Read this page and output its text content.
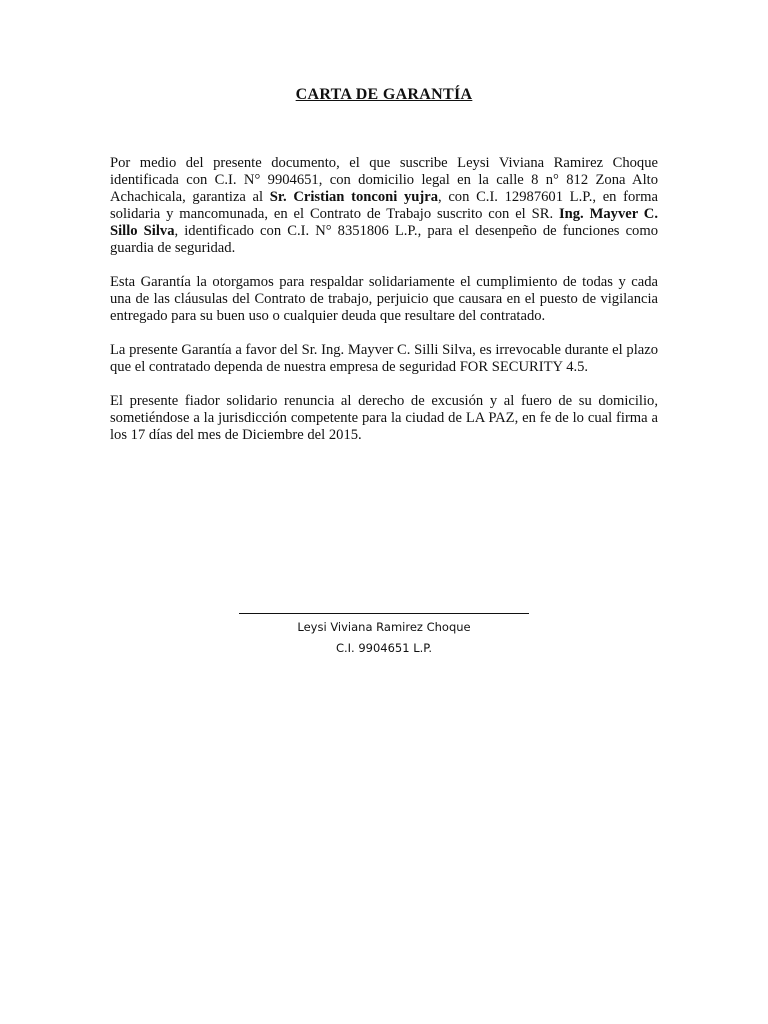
CARTA DE GARANTÍA

Por medio del presente documento, el que suscribe Leysi Viviana Ramirez Choque identificada con C.I. N° 9904651, con domicilio legal en la calle 8 n° 812 Zona Alto Achachicala, garantiza al Sr. Cristian tonconi yujra, con C.I. 12987601 L.P., en forma solidaria y mancomunada, en el Contrato de Trabajo suscrito con el SR. Ing. Mayver C. Sillo Silva, identificado con C.I. N° 8351806 L.P., para el desenpeño de funciones como guardia de seguridad.

Esta Garantía la otorgamos para respaldar solidariamente el cumplimiento de todas y cada una de las cláusulas del Contrato de trabajo, perjuicio que causara en el puesto de vigilancia entregado para su buen uso o cualquier deuda que resultare del contratado.

La presente Garantía a favor del Sr. Ing. Mayver C. Silli Silva, es irrevocable durante el plazo que el contratado dependa de nuestra empresa de seguridad FOR SECURITY 4.5.

El presente fiador solidario renuncia al derecho de excusión y al fuero de su domicilio, sometiéndose a la jurisdicción competente para la ciudad de LA PAZ, en fe de lo cual firma a los 17 días del mes de Diciembre del 2015.

Leysi Viviana Ramirez Choque
C.I. 9904651 L.P.
